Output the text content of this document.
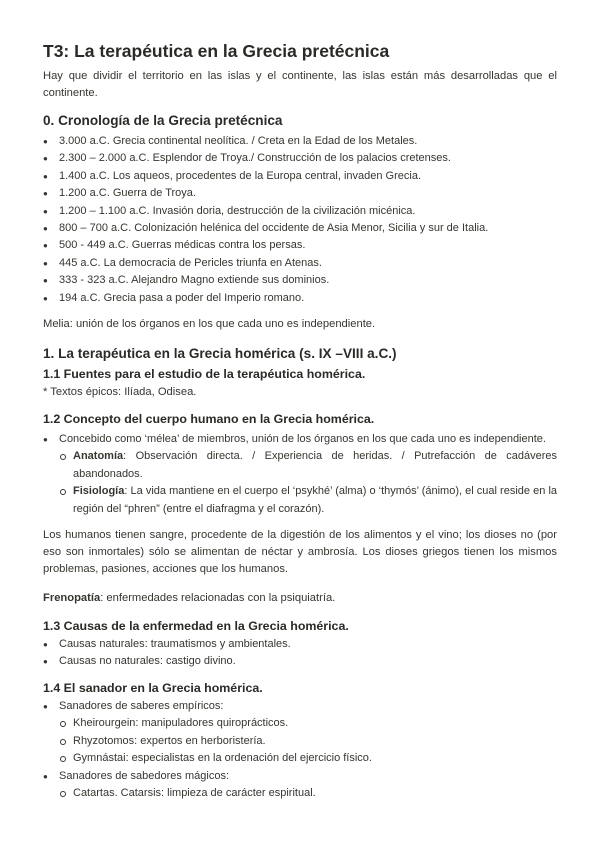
T3: La terapéutica en la Grecia pretécnica

Hay que dividir el territorio en las islas y el continente, las islas están más desarrolladas que el continente.

0. Cronología de la Grecia pretécnica
● 3.000 a.C. Grecia continental neolítica. / Creta en la Edad de los Metales.
● 2.300 – 2.000 a.C. Esplendor de Troya./ Construcción de los palacios cretenses.
● 1.400 a.C. Los aqueos, procedentes de la Europa central, invaden Grecia.
● 1.200 a.C. Guerra de Troya.
● 1.200 – 1.100 a.C. Invasión doria, destrucción de la civilización micénica.
● 800 – 700 a.C. Colonización helénica del occidente de Asia Menor, Sicilia y sur de Italia.
● 500 - 449 a.C. Guerras médicas contra los persas.
● 445 a.C. La democracia de Pericles triunfa en Atenas.
● 333 - 323 a.C. Alejandro Magno extiende sus dominios.
● 194 a.C. Grecia pasa a poder del Imperio romano.

Melia: unión de los órganos en los que cada uno es independiente.

1. La terapéutica en la Grecia homérica (s. IX –VIII a.C.)
1.1 Fuentes para el estudio de la terapéutica homérica.

* Textos épicos: Ilíada, Odisea.

1.2 Concepto del cuerpo humano en la Grecia homérica.
● Concebido como ‘mélea’ de miembros, unión de los órganos en los que cada uno es independiente.
Anatomía: Observación directa. / Experiencia de heridas. / Putrefacción de cadáveres abandonados.
Fisiología: La vida mantiene en el cuerpo el ‘psykhé’ (alma) o ‘thymós’ (ánimo), el cual reside en la región del “phren” (entre el diafragma y el corazón).

Los humanos tienen sangre, procedente de la digestión de los alimentos y el vino; los dioses no (por eso son inmortales) sólo se alimentan de néctar y ambrosía. Los dioses griegos tienen los mismos problemas, pasiones, acciones que los humanos.

Frenopatía: enfermedades relacionadas con la psiquiatría.

1.3 Causas de la enfermedad en la Grecia homérica.
● Causas naturales: traumatismos y ambientales.
● Causas no naturales: castigo divino.
1.4 El sanador en la Grecia homérica.
● Sanadores de saberes empíricos:
Kheirourgein: manipuladores quiroprácticos.
Rhyzotomos: expertos en herboristería.
Gymnástai: especialistas en la ordenación del ejercicio físico.
● Sanadores de sabedores mágicos:
Catartas. Catarsis: limpieza de carácter espiritual.
